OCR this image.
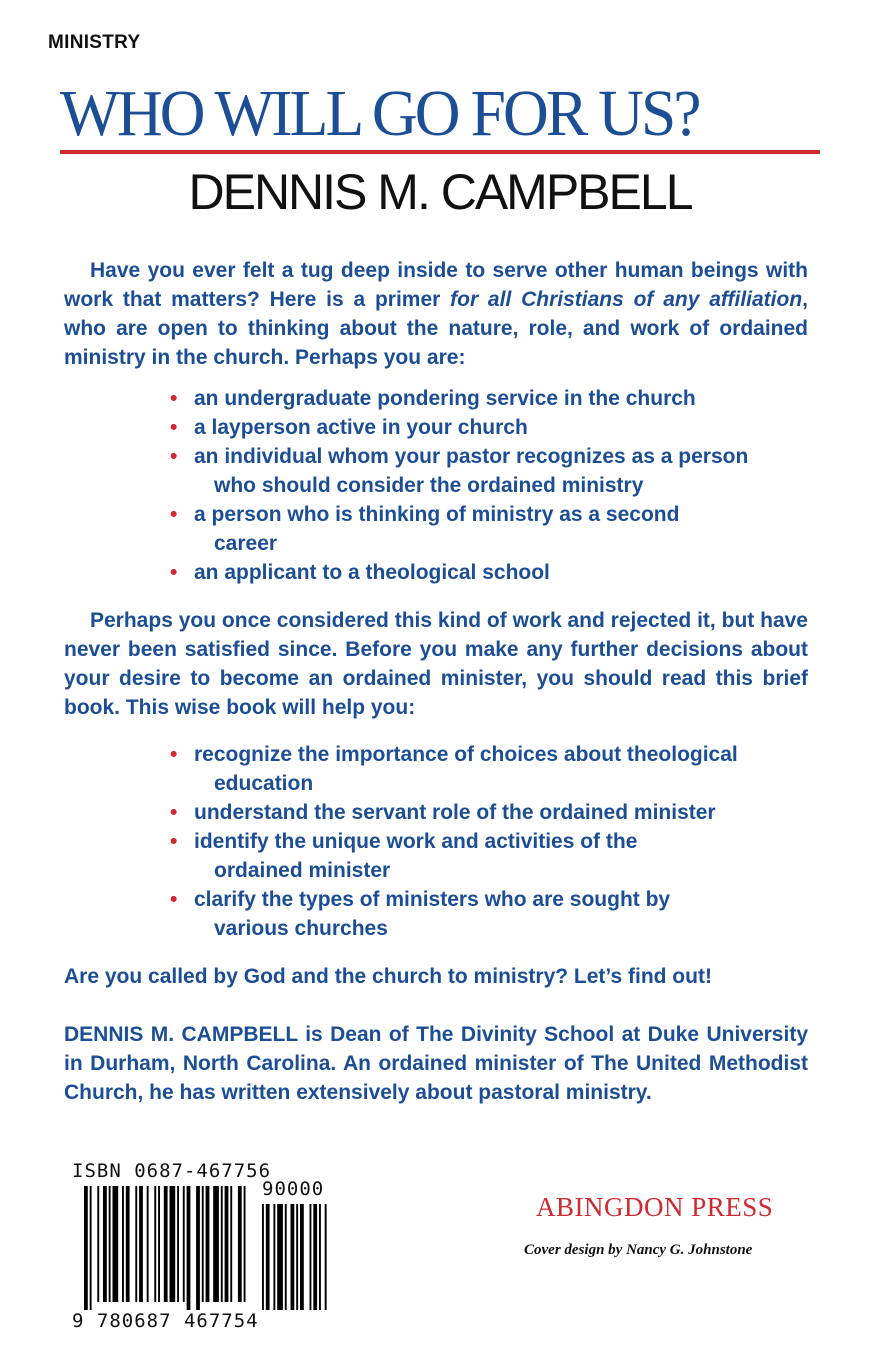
MINISTRY
WHO WILL GO FOR US?
DENNIS M. CAMPBELL
Have you ever felt a tug deep inside to serve other human beings with work that matters? Here is a primer for all Christians of any affiliation, who are open to thinking about the nature, role, and work of ordained ministry in the church. Perhaps you are:
• an undergraduate pondering service in the church
• a layperson active in your church
• an individual whom your pastor recognizes as a person who should consider the ordained ministry
• a person who is thinking of ministry as a second career
• an applicant to a theological school
Perhaps you once considered this kind of work and rejected it, but have never been satisfied since. Before you make any further decisions about your desire to become an ordained minister, you should read this brief book. This wise book will help you:
• recognize the importance of choices about theological education
• understand the servant role of the ordained minister
• identify the unique work and activities of the ordained minister
• clarify the types of ministers who are sought by various churches
Are you called by God and the church to ministry? Let’s find out!
DENNIS M. CAMPBELL is Dean of The Divinity School at Duke University in Durham, North Carolina. An ordained minister of The United Methodist Church, he has written extensively about pastoral ministry.
ISBN 0687-467756
90000
9 780687 467754
ABINGDON PRESS
Cover design by Nancy G. Johnstone
